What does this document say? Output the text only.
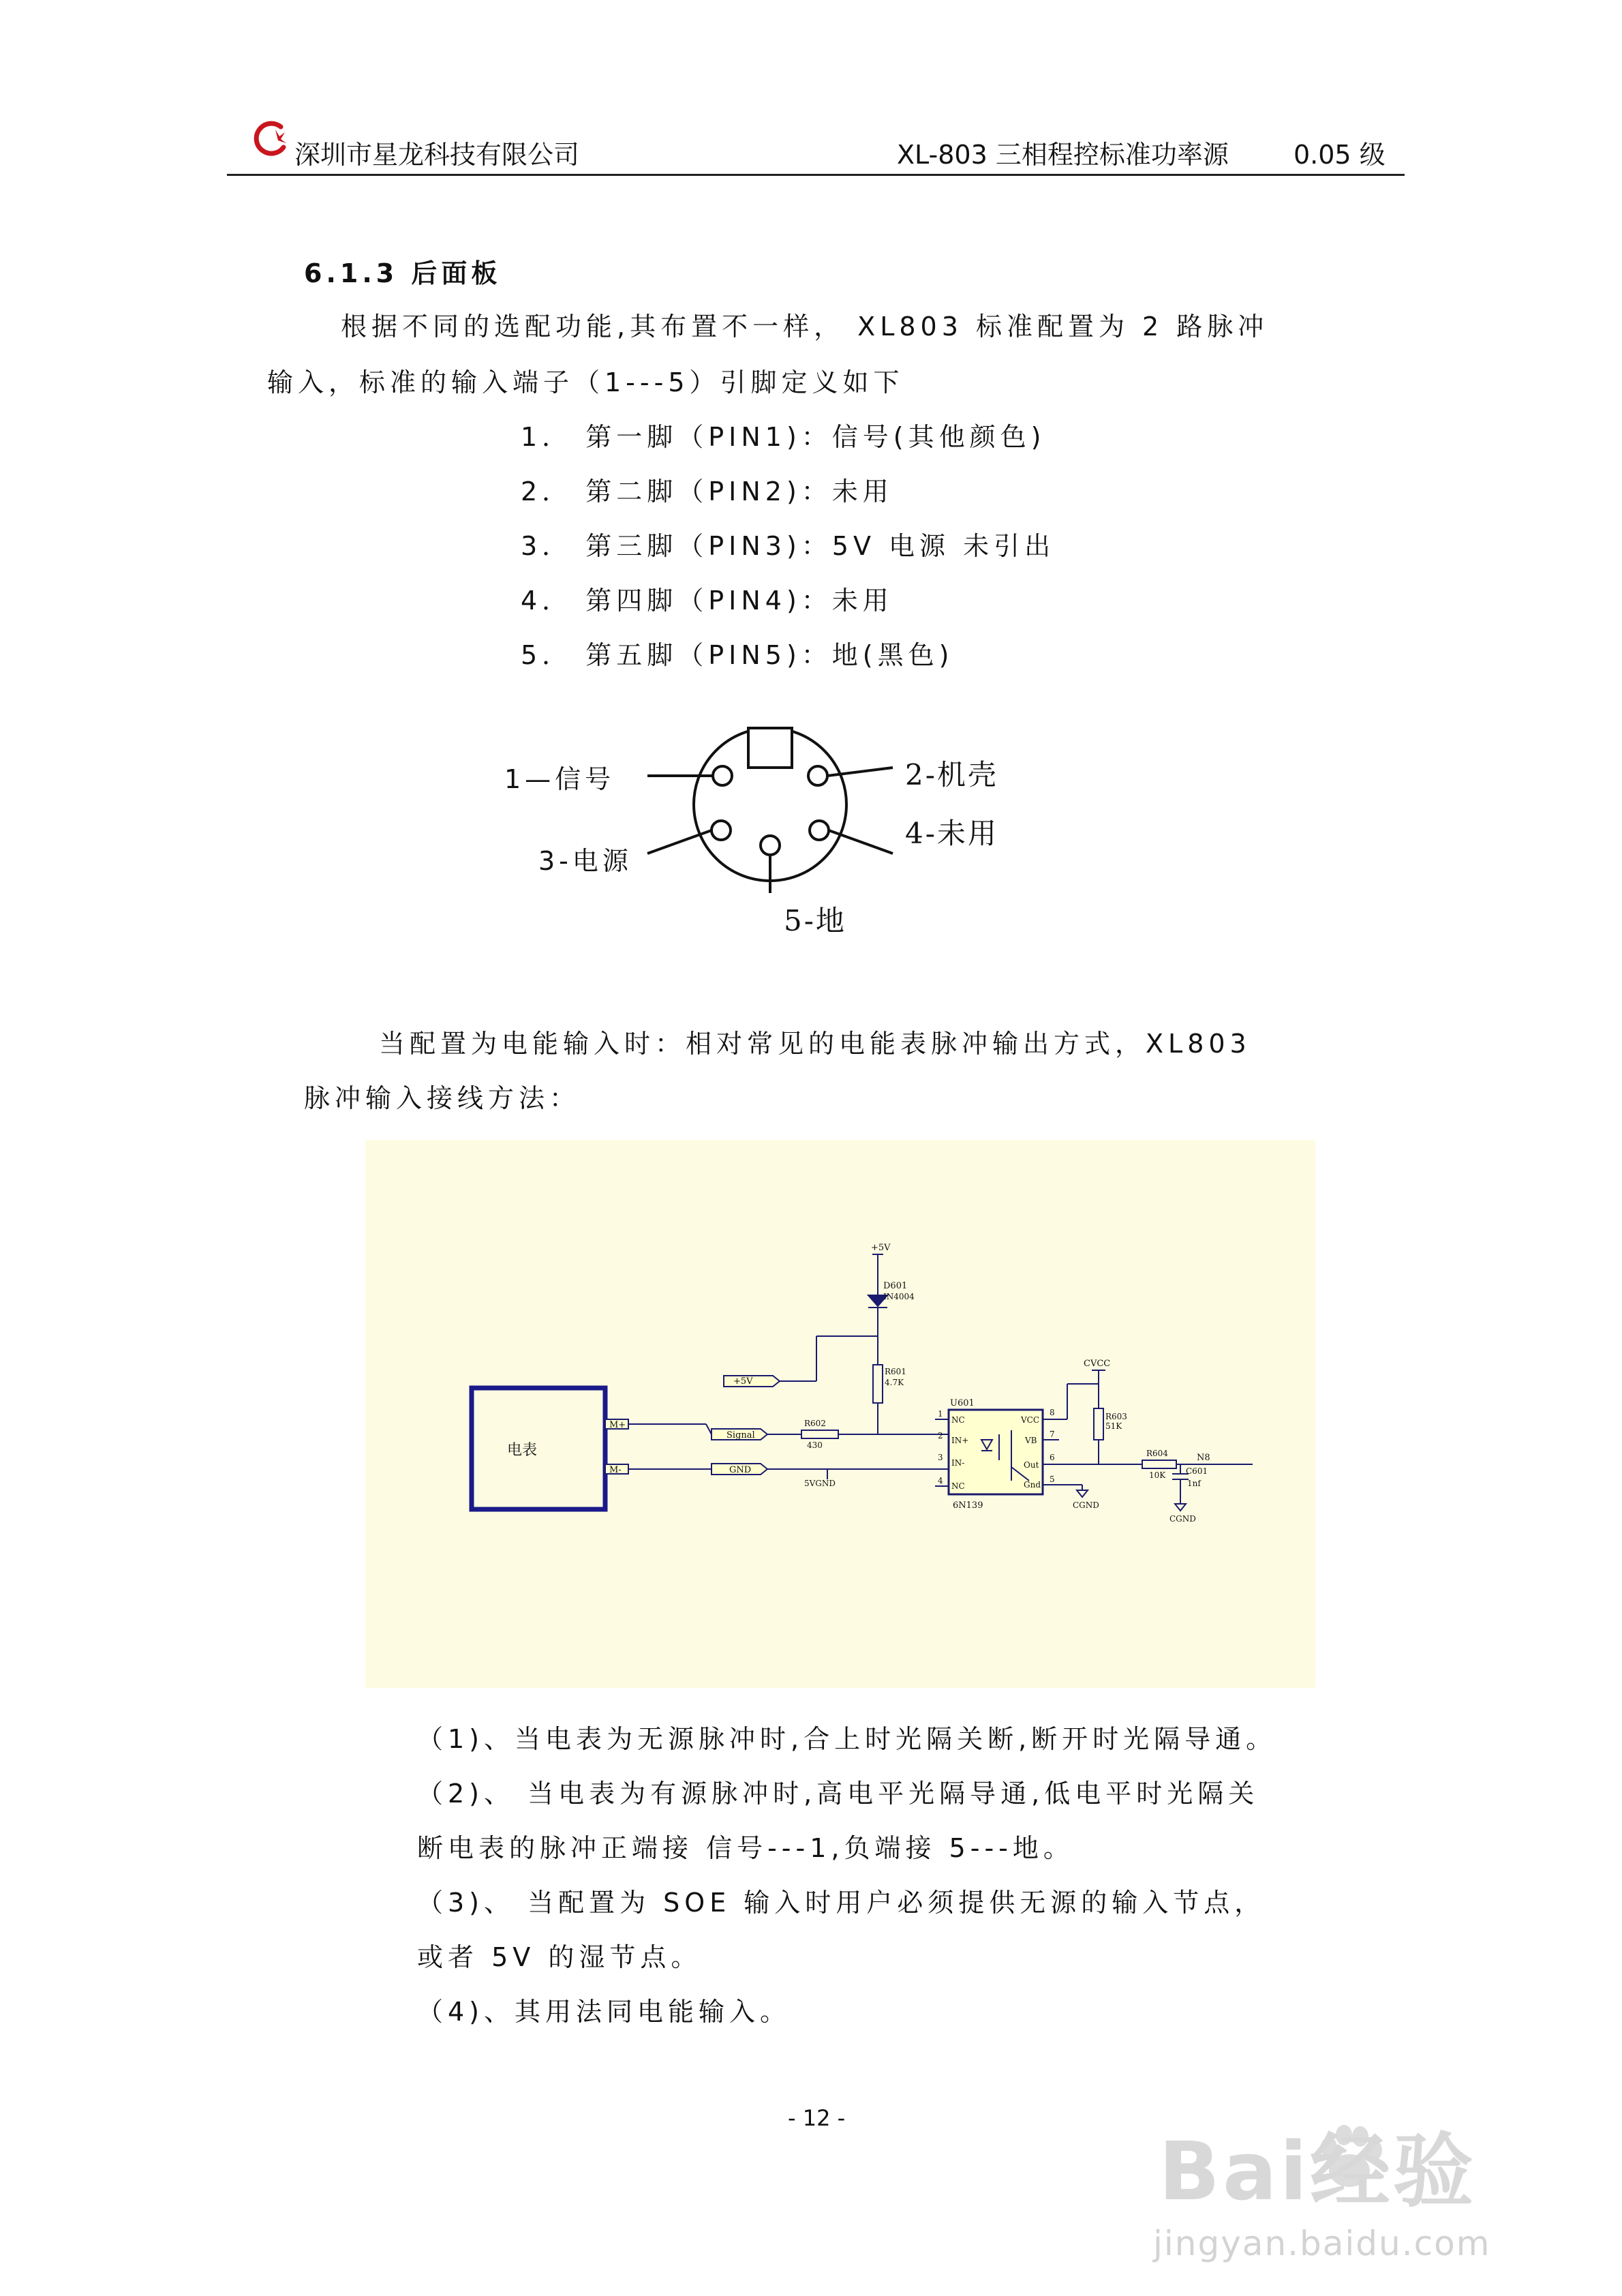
深圳市星龙科技有限公司	XL-803 三相程控标准功率源	0.05 级
6.1.3 后面板
根据不同的选配功能,其布置不一样， XL803 标准配置为 2 路脉冲
输入，标准的输入端子（1---5）引脚定义如下
1． 第一脚（PIN1)：信号(其他颜色)
2． 第二脚（PIN2)：未用
3． 第三脚（PIN3)：5V 电源 未引出
4． 第四脚（PIN4)：未用
5． 第五脚（PIN5)：地(黑色)
1—信号	2-机壳
3-电源
4-未用
5-地
当配置为电能输入时：相对常见的电能表脉冲输出方式，XL803
脉冲输入接线方法：
电表
M+
M-
Signal
GND
+5V
+5V
D601
IN4004
R601
4.7K
U601
R602
430
5VGND
1
2
3
4
8
7
6
5
NC
IN+
IN-
NC
VCC
VB
Out
Gnd
6N139
CVCC
R603
51K
R604
10K
N8
C601
1nf
CGND
CGND
（1)、当电表为无源脉冲时,合上时光隔关断,断开时光隔导通。
（2)、 当电表为有源脉冲时,高电平光隔导通,低电平时光隔关
断电表的脉冲正端接 信号---1,负端接 5---地。
（3)、 当配置为 SOE 输入时用户必须提供无源的输入节点，
或者 5V 的湿节点。
（4)、其用法同电能输入。
- 12 -
Bai经验
jingyan.baidu.com
